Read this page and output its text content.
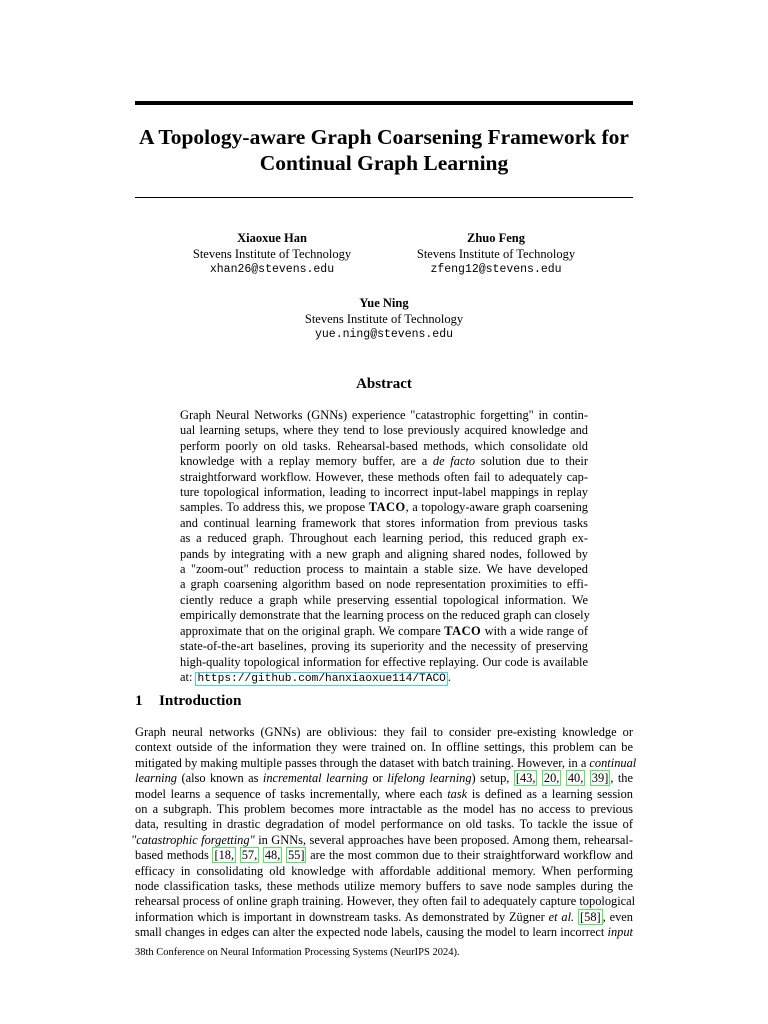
A Topology-aware Graph Coarsening Framework for
Continual Graph Learning
Xiaoxue Han
Stevens Institute of Technology
xhan26@stevens.edu
Zhuo Feng
Stevens Institute of Technology
zfeng12@stevens.edu
Yue Ning
Stevens Institute of Technology
yue.ning@stevens.edu
Abstract
Graph Neural Networks (GNNs) experience "catastrophic forgetting" in contin-
ual learning setups, where they tend to lose previously acquired knowledge and
perform poorly on old tasks. Rehearsal-based methods, which consolidate old
knowledge with a replay memory buffer, are a de facto solution due to their
straightforward workflow. However, these methods often fail to adequately cap-
ture topological information, leading to incorrect input-label mappings in replay
samples. To address this, we propose TACO, a topology-aware graph coarsening
and continual learning framework that stores information from previous tasks
as a reduced graph. Throughout each learning period, this reduced graph ex-
pands by integrating with a new graph and aligning shared nodes, followed by
a "zoom-out" reduction process to maintain a stable size. We have developed
a graph coarsening algorithm based on node representation proximities to effi-
ciently reduce a graph while preserving essential topological information. We
empirically demonstrate that the learning process on the reduced graph can closely
approximate that on the original graph. We compare TACO with a wide range of
state-of-the-art baselines, proving its superiority and the necessity of preserving
high-quality topological information for effective replaying. Our code is available
at: https://github.com/hanxiaoxue114/TACO .
1 Introduction
Graph neural networks (GNNs) are oblivious: they fail to consider pre-existing knowledge or
context outside of the information they were trained on. In offline settings, this problem can be
mitigated by making multiple passes through the dataset with batch training. However, in a continual
learning (also known as incremental learning or lifelong learning) setup, [43, 20, 40, 39] , the
model learns a sequence of tasks incrementally, where each task is defined as a learning session
on a subgraph. This problem becomes more intractable as the model has no access to previous
data, resulting in drastic degradation of model performance on old tasks. To tackle the issue of
"catastrophic forgetting" in GNNs, several approaches have been proposed. Among them, rehearsal-
based methods [18, 57, 48, 55] are the most common due to their straightforward workflow and
efficacy in consolidating old knowledge with affordable additional memory. When performing
node classification tasks, these methods utilize memory buffers to save node samples during the
rehearsal process of online graph training. However, they often fail to adequately capture topological
information which is important in downstream tasks. As demonstrated by Zügner et al. [58] , even
small changes in edges can alter the expected node labels, causing the model to learn incorrect input
38th Conference on Neural Information Processing Systems (NeurIPS 2024).
